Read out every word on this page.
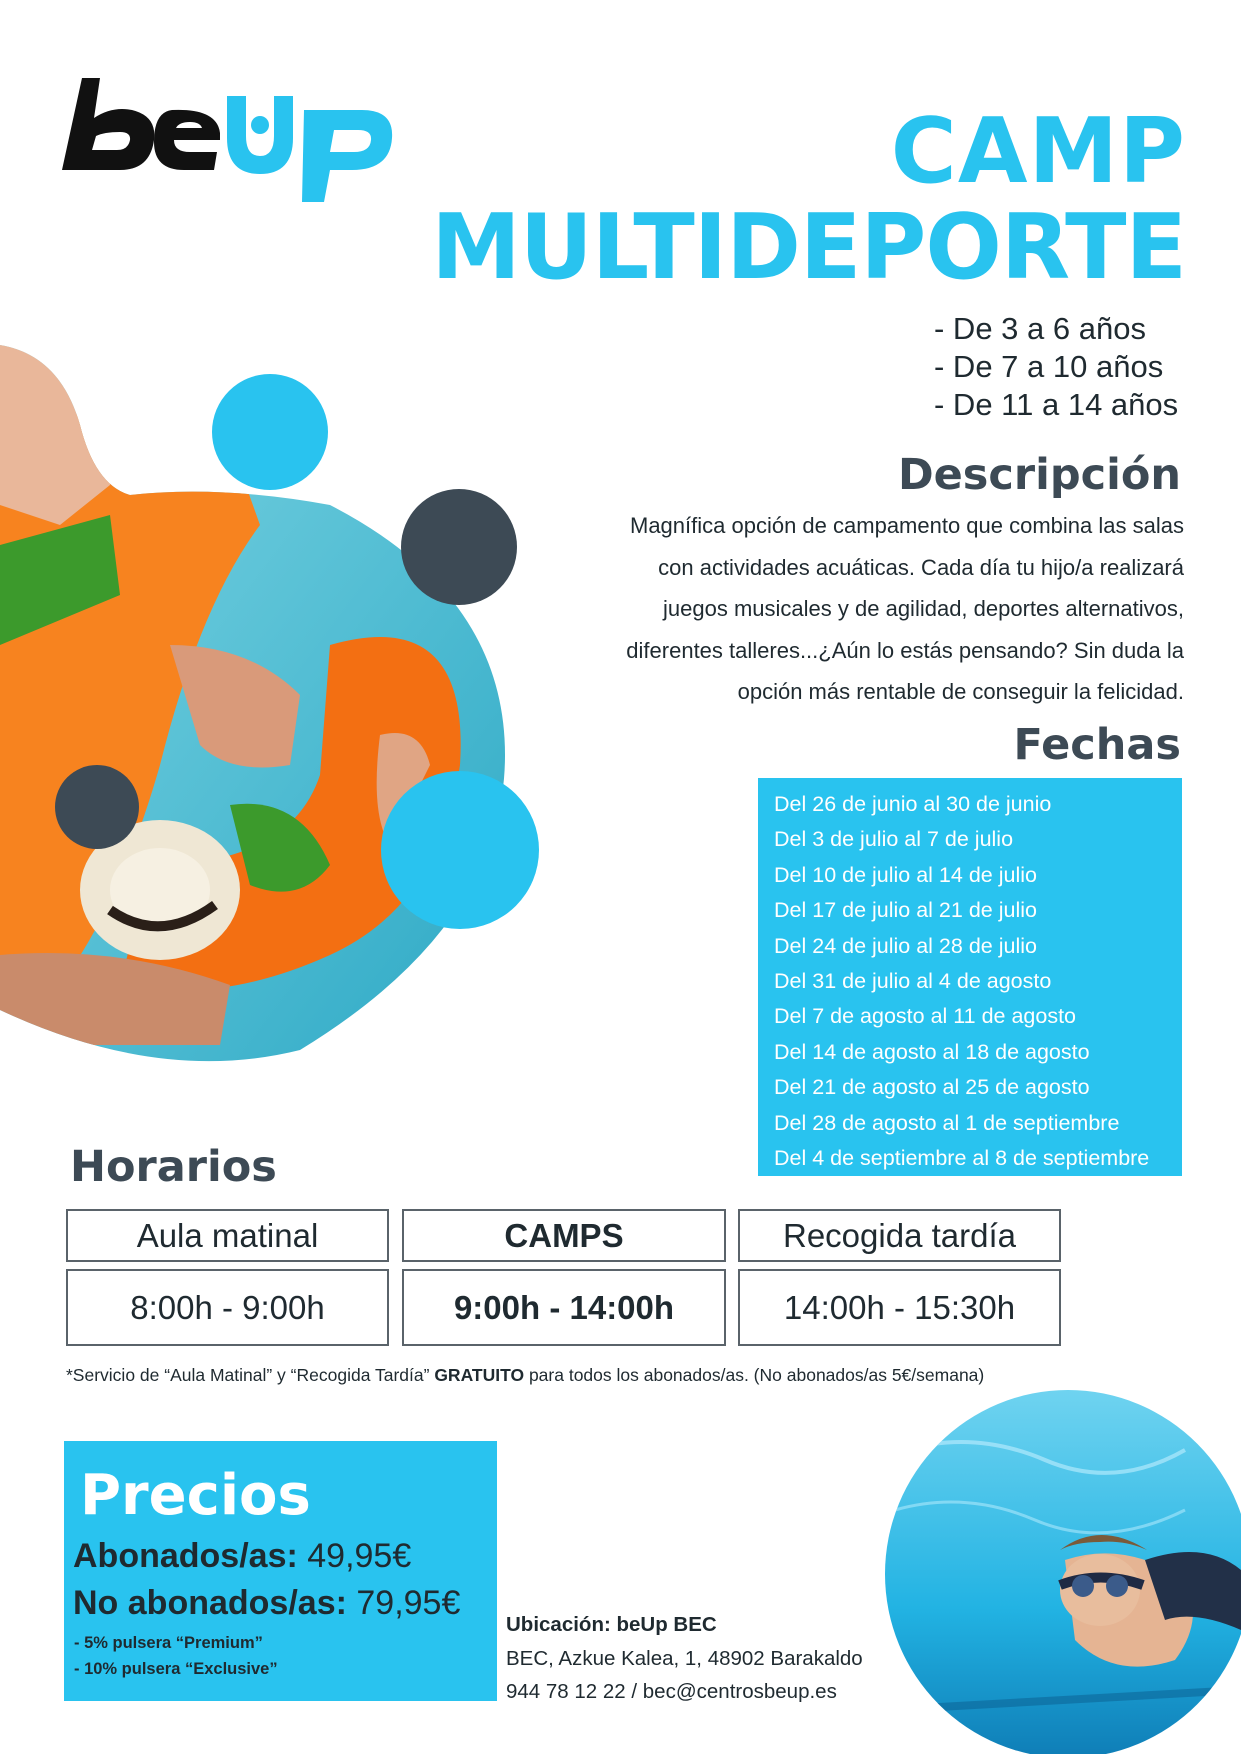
CAMP
MULTIDEPORTE
- De 3 a 6 años
- De 7 a 10 años
- De 11 a 14 años
Descripción
Magnífica opción de campamento que combina las salas
con actividades acuáticas. Cada día tu hijo/a realizará
juegos musicales y de agilidad, deportes alternativos,
diferentes talleres...¿Aún lo estás pensando? Sin duda la
opción más rentable de conseguir la felicidad.
Fechas
Del 26 de junio al 30 de junio
Del 3 de julio al 7 de julio
Del 10 de julio al 14 de julio
Del 17 de julio al 21 de julio
Del 24 de julio al 28 de julio
Del 31 de julio al 4 de agosto
Del 7 de agosto al 11 de agosto
Del 14 de agosto al 18 de agosto
Del 21 de agosto al 25 de agosto
Del 28 de agosto al 1 de septiembre
Del 4 de septiembre al 8 de septiembre
Horarios
Aula matinal	CAMPS	Recogida tardía
8:00h - 9:00h	9:00h - 14:00h	14:00h - 15:30h
*Servicio de “Aula Matinal” y “Recogida Tardía” GRATUITO para todos los abonados/as. (No abonados/as 5€/semana)
Precios
Abonados/as: 49,95€
No abonados/as: 79,95€
- 5% pulsera “Premium”
- 10% pulsera “Exclusive”
Ubicación: beUp BEC
BEC, Azkue Kalea, 1, 48902 Barakaldo
944 78 12 22 / bec@centrosbeup.es
